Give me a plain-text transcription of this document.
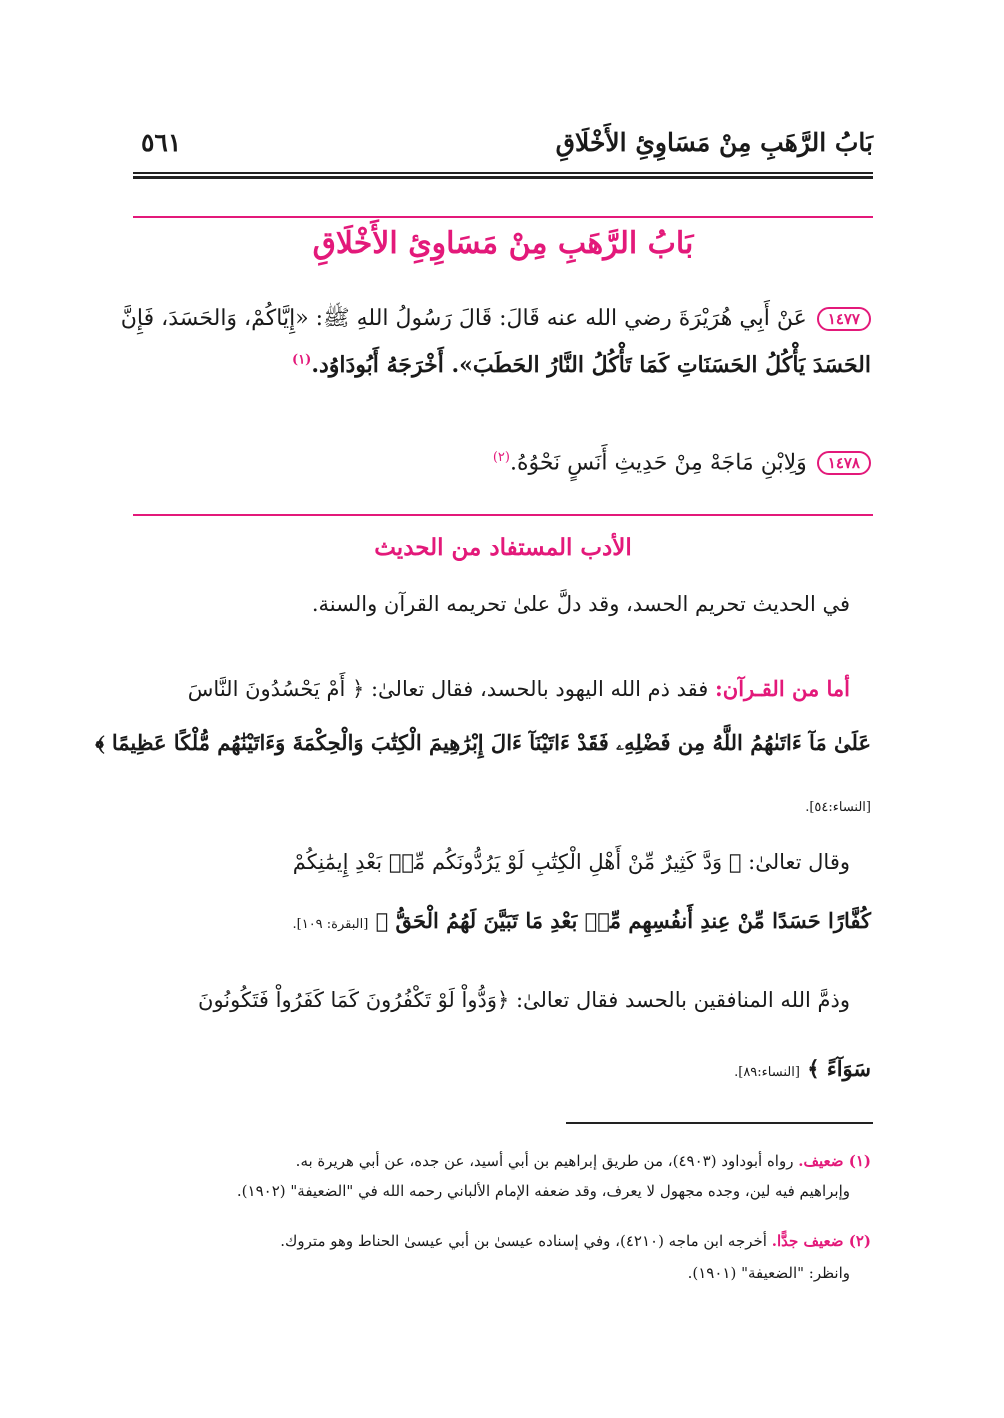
بَابُ الرَّهَبِ مِنْ مَسَاوِئِ الأَخْلَاقِ
٥٦١
بَابُ الرَّهَبِ مِنْ مَسَاوِئِ الأَخْلَاقِ
١٤٧٧عَنْ أَبِي هُرَيْرَةَ رضي الله عنه قَالَ: قَالَ رَسُولُ اللهِ ﷺ: «إِيَّاكُمْ، وَالحَسَدَ، فَإِنَّ
الحَسَدَ يَأْكُلُ الحَسَنَاتِ كَمَا تَأْكُلُ النَّارُ الحَطَبَ». أَخْرَجَهُ أَبُودَاوُد.$^{(١)}$
١٤٧٨وَلِابْنِ مَاجَهْ مِنْ حَدِيثِ أَنَسٍ نَحْوُهُ.$^{(٢)}$
الأدب المستفاد من الحديث
في الحديث تحريم الحسد، وقد دلَّ علىٰ تحريمه القرآن والسنة.
أما من القـرآن: فقد ذم الله اليهود بالحسد، فقال تعالىٰ: ﴿ أَمْ يَحْسُدُونَ النَّاسَ
عَلَىٰ مَآ ءَاتَىٰهُمُ اللَّهُ مِن فَضْلِهِۦ فَقَدْ ءَاتَيْنَآ ءَالَ إِبْرَٰهِيمَ الْكِتَٰبَ وَالْحِكْمَةَ وَءَاتَيْنَٰهُم مُّلْكًا عَظِيمًا ﴾
[النساء:٥٤].
وقال تعالىٰ: ﴿ وَدَّ كَثِيرٌ مِّنْ أَهْلِ الْكِتَٰبِ لَوْ يَرُدُّونَكُم مِّنۢ بَعْدِ إِيمَٰنِكُمْ
كُفَّارًا حَسَدًا مِّنْ عِندِ أَنفُسِهِم مِّنۢ بَعْدِ مَا تَبَيَّنَ لَهُمُ الْحَقُّ ﴾ [البقرة: ١٠٩].
وذمَّ الله المنافقين بالحسد فقال تعالىٰ: ﴿وَدُّواْ لَوْ تَكْفُرُونَ كَمَا كَفَرُواْ فَتَكُونُونَ
سَوَآءً ﴾ [النساء:٨٩].
(١) ضعيف. رواه أبوداود (٤٩٠٣)، من طريق إبراهيم بن أبي أسيد، عن جده، عن أبي هريرة به.
وإبراهيم فيه لين، وجده مجهول لا يعرف، وقد ضعفه الإمام الألباني رحمه الله في "الضعيفة" (١٩٠٢).
(٢) ضعيف جدًّا. أخرجه ابن ماجه (٤٢١٠)، وفي إسناده عيسىٰ بن أبي عيسىٰ الحناط وهو متروك.
وانظر: "الضعيفة" (١٩٠١).
